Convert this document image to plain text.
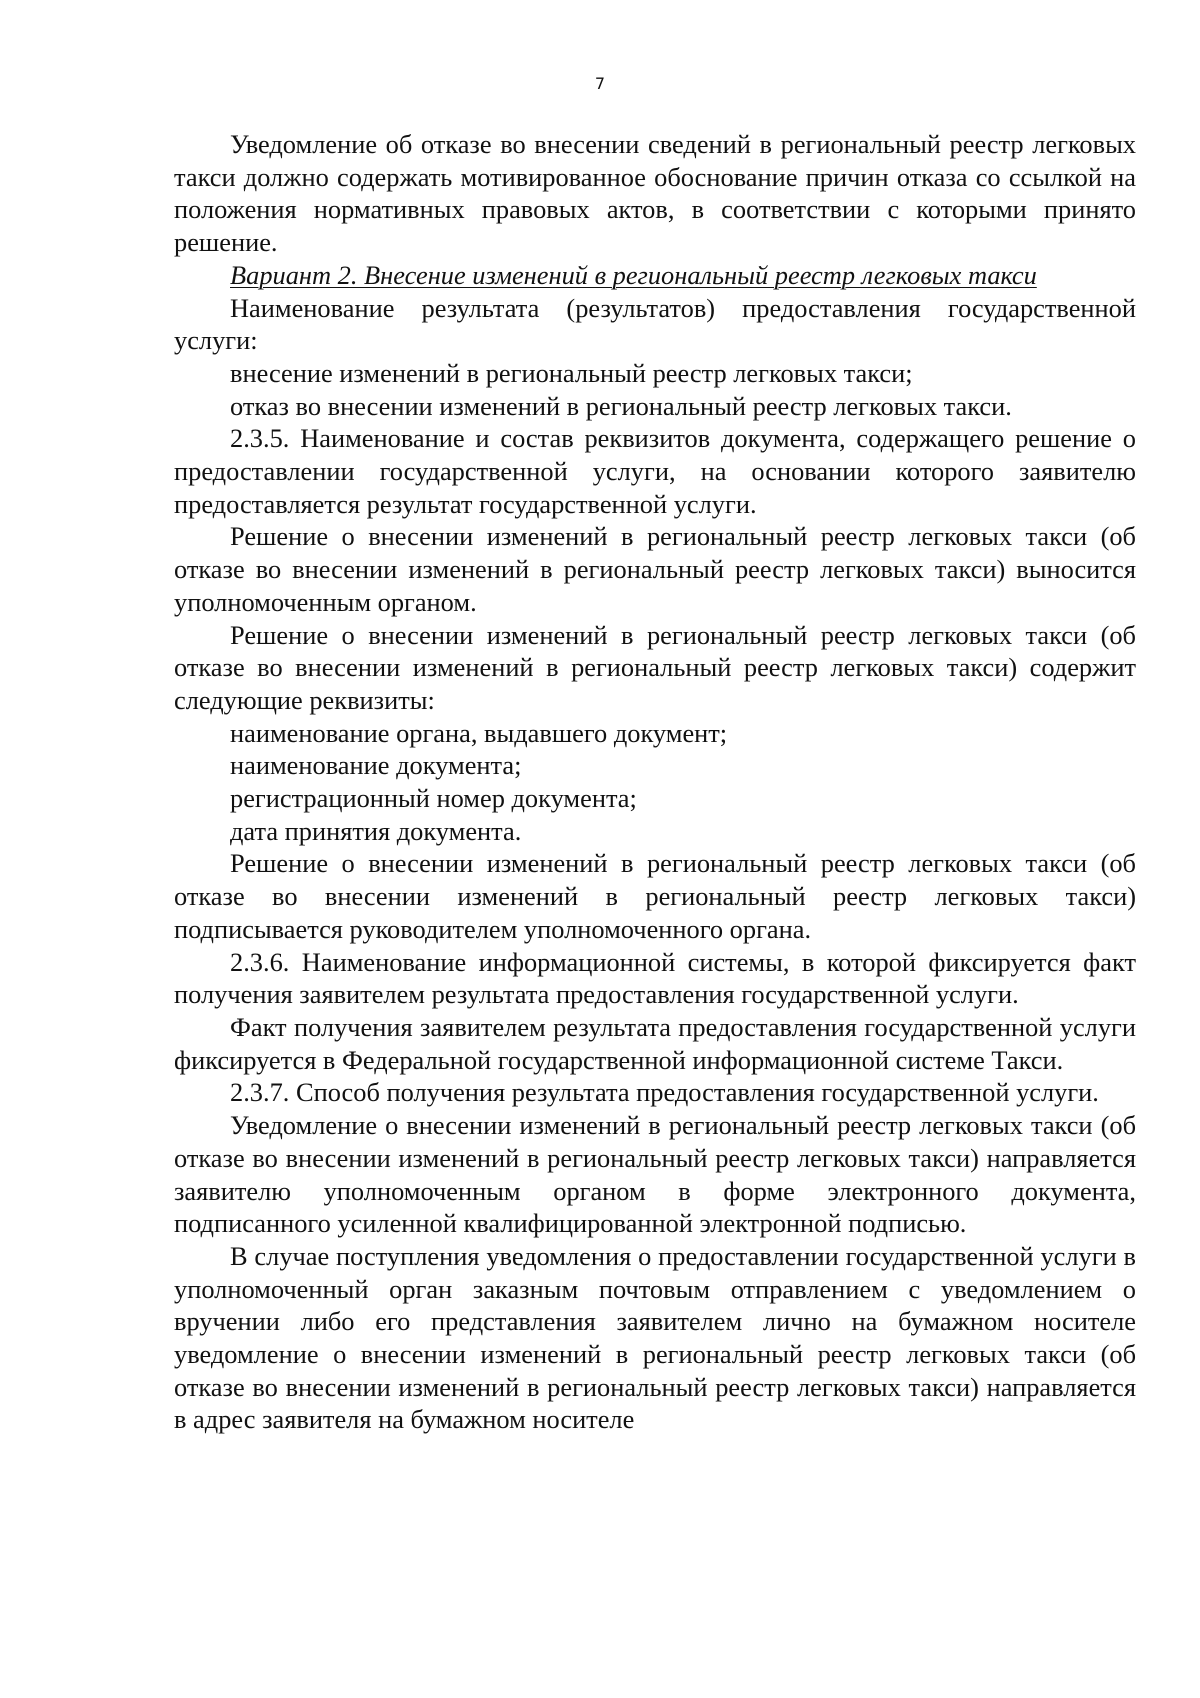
7

Уведомление об отказе во внесении сведений в региональный реестр легковых такси должно содержать мотивированное обоснование причин отказа со ссылкой на положения нормативных правовых актов, в соответствии с которыми принято решение.

Вариант 2. Внесение изменений в региональный реестр легковых такси

Наименование результата (результатов) предоставления государственной услуги:

внесение изменений в региональный реестр легковых такси;

отказ во внесении изменений в региональный реестр легковых такси.

2.3.5. Наименование и состав реквизитов документа, содержащего решение о предоставлении государственной услуги, на основании которого заявителю предоставляется результат государственной услуги.

Решение о внесении изменений в региональный реестр легковых такси (об отказе во внесении изменений в региональный реестр легковых такси) выносится уполномоченным органом.

Решение о внесении изменений в региональный реестр легковых такси (об отказе во внесении изменений в региональный реестр легковых такси) содержит следующие реквизиты:

наименование органа, выдавшего документ;

наименование документа;

регистрационный номер документа;

дата принятия документа.

Решение о внесении изменений в региональный реестр легковых такси (об отказе во внесении изменений в региональный реестр легковых такси) подписывается руководителем уполномоченного органа.

2.3.6. Наименование информационной системы, в которой фиксируется факт получения заявителем результата предоставления государственной услуги.

Факт получения заявителем результата предоставления государственной услуги фиксируется в Федеральной государственной информационной системе Такси.

2.3.7. Способ получения результата предоставления государственной услуги.

Уведомление о внесении изменений в региональный реестр легковых такси (об отказе во внесении изменений в региональный реестр легковых такси) направляется заявителю уполномоченным органом в форме электронного документа, подписанного усиленной квалифицированной электронной подписью.

В случае поступления уведомления о предоставлении государственной услуги в уполномоченный орган заказным почтовым отправлением с уведомлением о вручении либо его представления заявителем лично на бумажном носителе уведомление о внесении изменений в региональный реестр легковых такси (об отказе во внесении изменений в региональный реестр легковых такси) направляется в адрес заявителя на бумажном носителе
